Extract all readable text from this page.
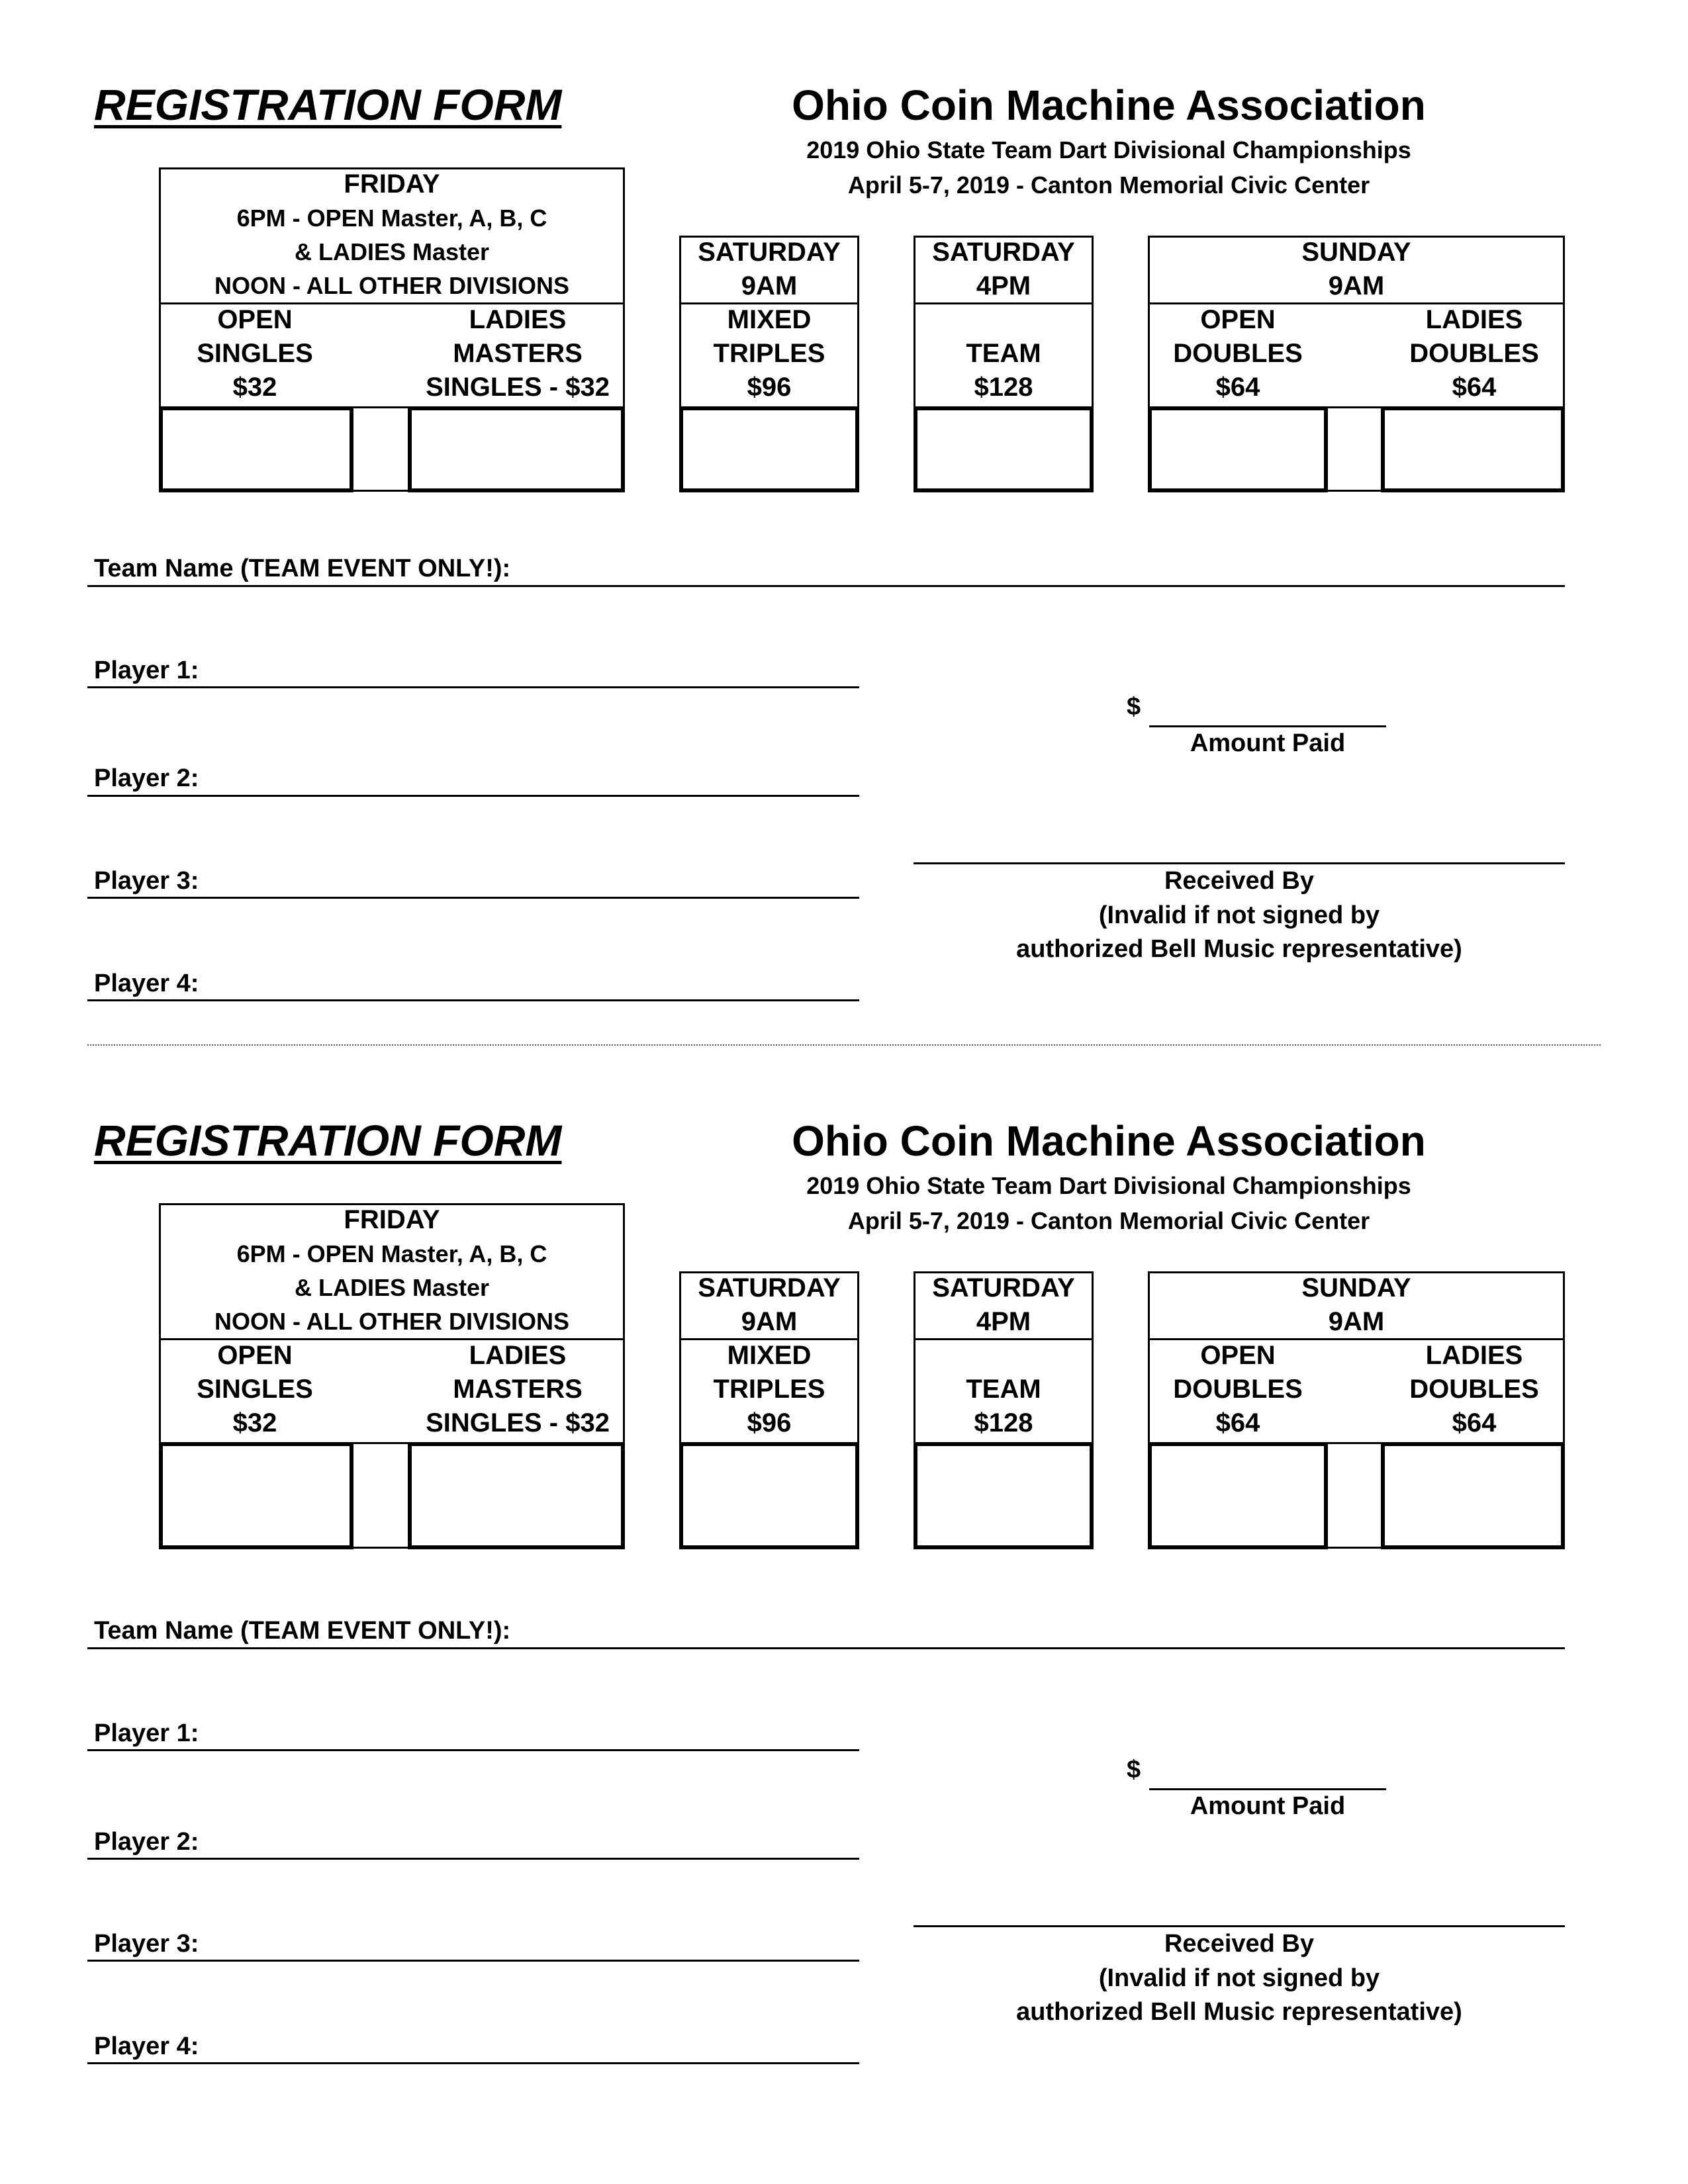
REGISTRATION FORM	Ohio Coin Machine Association
2019 Ohio State Team Dart Divisional Championships
April 5-7, 2019 - Canton Memorial Civic Center
FRIDAY
6PM - OPEN Master, A, B, C
& LADIES Master
NOON - ALL OTHER DIVISIONS
OPEN
SINGLES
$32
LADIES
MASTERS
SINGLES - $32
SATURDAY
9AM
MIXED
TRIPLES
$96
SATURDAY
4PM
TEAM
$128
SUNDAY
9AM
OPEN
DOUBLES
$64
LADIES
DOUBLES
$64
Team Name (TEAM EVENT ONLY!):
Player 1:
Player 2:
Player 3:
Player 4:
$
Amount Paid
Received By
(Invalid if not signed by
authorized Bell Music representative)
REGISTRATION FORM	Ohio Coin Machine Association
2019 Ohio State Team Dart Divisional Championships
April 5-7, 2019 - Canton Memorial Civic Center
FRIDAY
6PM - OPEN Master, A, B, C
& LADIES Master
NOON - ALL OTHER DIVISIONS
OPEN
SINGLES
$32
LADIES
MASTERS
SINGLES - $32
SATURDAY
9AM
MIXED
TRIPLES
$96
SATURDAY
4PM
TEAM
$128
SUNDAY
9AM
OPEN
DOUBLES
$64
LADIES
DOUBLES
$64
Team Name (TEAM EVENT ONLY!):
Player 1:
Player 2:
Player 3:
Player 4:
$
Amount Paid
Received By
(Invalid if not signed by
authorized Bell Music representative)
